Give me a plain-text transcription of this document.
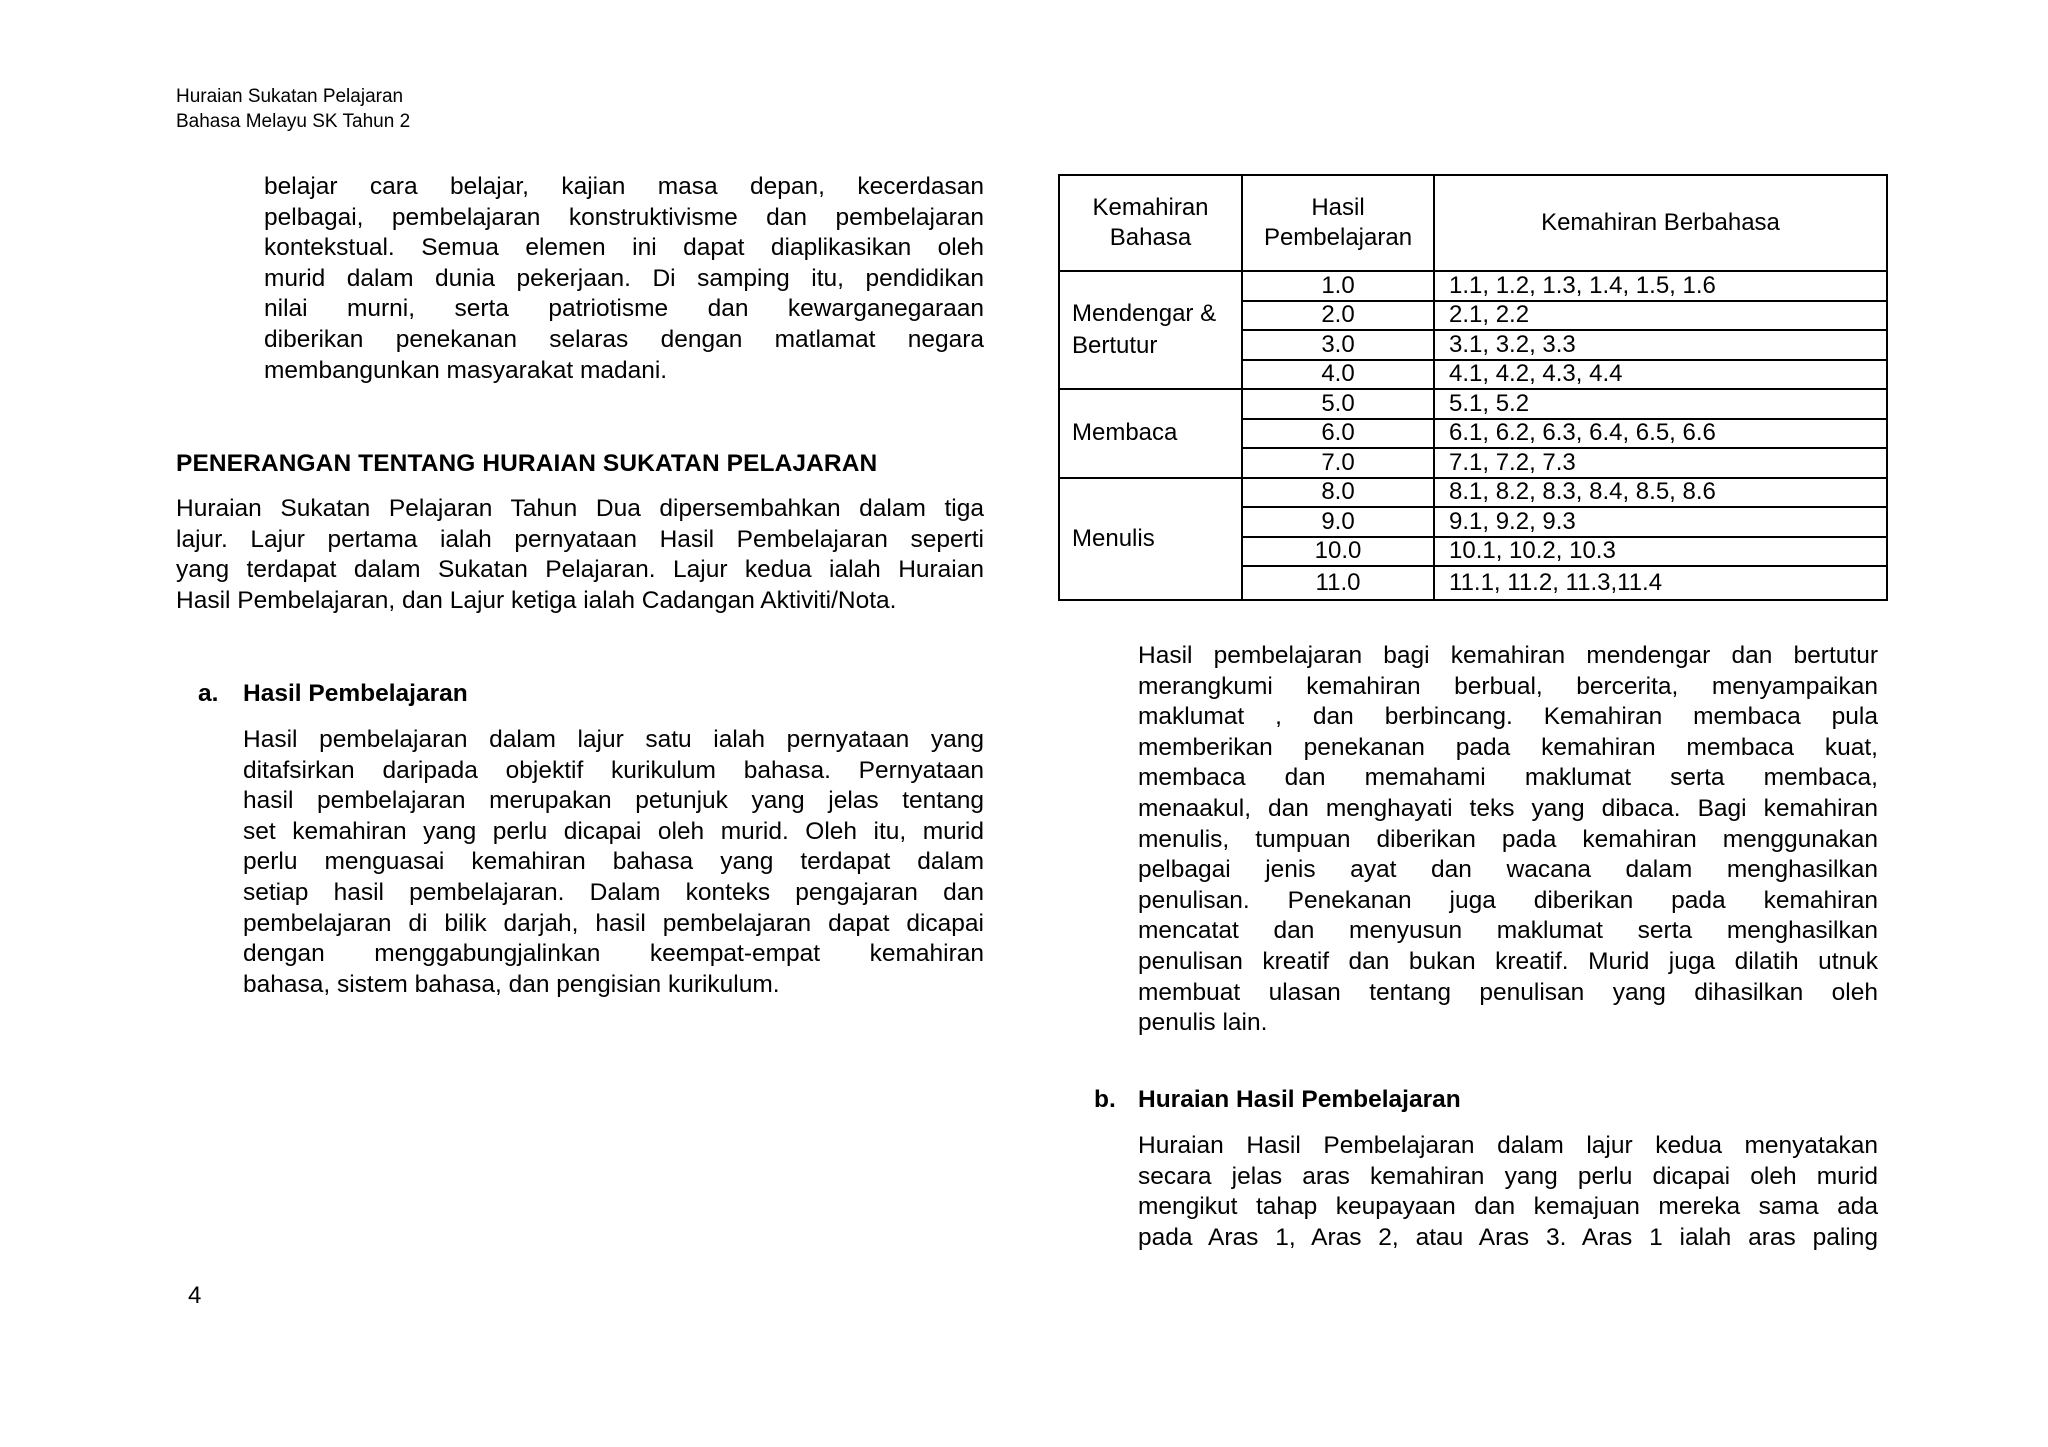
Huraian Sukatan Pelajaran
Bahasa Melayu SK Tahun 2
belajar cara belajar, kajian masa depan, kecerdasan
pelbagai, pembelajaran konstruktivisme dan pembelajaran
kontekstual. Semua elemen ini dapat diaplikasikan oleh
murid dalam dunia pekerjaan. Di samping itu, pendidikan
nilai murni, serta patriotisme dan kewarganegaraan
diberikan penekanan selaras dengan matlamat negara
membangunkan masyarakat madani.
PENERANGAN TENTANG HURAIAN SUKATAN PELAJARAN
Huraian Sukatan Pelajaran Tahun Dua dipersembahkan dalam tiga
lajur. Lajur pertama ialah pernyataan Hasil Pembelajaran seperti
yang terdapat dalam Sukatan Pelajaran. Lajur kedua ialah Huraian
Hasil Pembelajaran, dan Lajur ketiga ialah Cadangan Aktiviti/Nota.
a. Hasil Pembelajaran
Hasil pembelajaran dalam lajur satu ialah pernyataan yang
ditafsirkan daripada objektif kurikulum bahasa. Pernyataan
hasil pembelajaran merupakan petunjuk yang jelas tentang
set kemahiran yang perlu dicapai oleh murid. Oleh itu, murid
perlu menguasai kemahiran bahasa yang terdapat dalam
setiap hasil pembelajaran. Dalam konteks pengajaran dan
pembelajaran di bilik darjah, hasil pembelajaran dapat dicapai
dengan menggabungjalinkan keempat-empat kemahiran
bahasa, sistem bahasa, dan pengisian kurikulum.
Kemahiran Bahasa	Hasil Pembelajaran	Kemahiran Berbahasa
Mendengar & Bertutur	1.0	1.1, 1.2, 1.3, 1.4, 1.5, 1.6
	2.0	2.1, 2.2
	3.0	3.1, 3.2, 3.3
	4.0	4.1, 4.2, 4.3, 4.4
Membaca	5.0	5.1, 5.2
	6.0	6.1, 6.2, 6.3, 6.4, 6.5, 6.6
	7.0	7.1, 7.2, 7.3
Menulis	8.0	8.1, 8.2, 8.3, 8.4, 8.5, 8.6
	9.0	9.1, 9.2, 9.3
	10.0	10.1, 10.2, 10.3
	11.0	11.1, 11.2, 11.3,11.4
Hasil pembelajaran bagi kemahiran mendengar dan bertutur
merangkumi kemahiran berbual, bercerita, menyampaikan
maklumat , dan berbincang. Kemahiran membaca pula
memberikan penekanan pada kemahiran membaca kuat,
membaca dan memahami maklumat serta membaca,
menaakul, dan menghayati teks yang dibaca. Bagi kemahiran
menulis, tumpuan diberikan pada kemahiran menggunakan
pelbagai jenis ayat dan wacana dalam menghasilkan
penulisan. Penekanan juga diberikan pada kemahiran
mencatat dan menyusun maklumat serta menghasilkan
penulisan kreatif dan bukan kreatif. Murid juga dilatih utnuk
membuat ulasan tentang penulisan yang dihasilkan oleh
penulis lain.
b. Huraian Hasil Pembelajaran
Huraian Hasil Pembelajaran dalam lajur kedua menyatakan
secara jelas aras kemahiran yang perlu dicapai oleh murid
mengikut tahap keupayaan dan kemajuan mereka sama ada
pada Aras 1, Aras 2, atau Aras 3. Aras 1 ialah aras paling
4
